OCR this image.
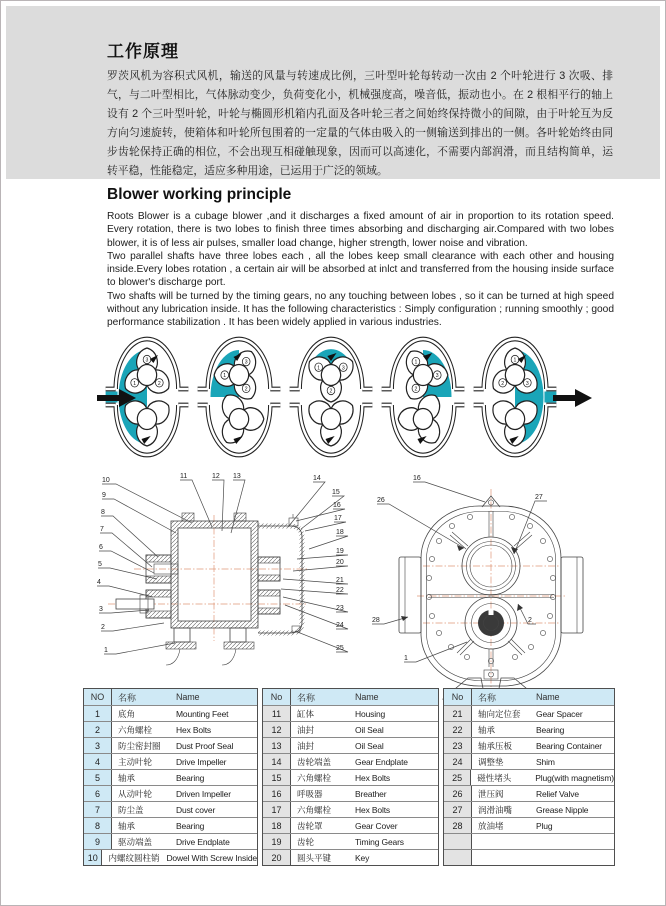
工作原理
罗茨风机为容积式风机，输送的风量与转速成比例，三叶型叶轮每转动一次由 2 个叶轮进行 3 次吸、排气，与二叶型相比，气体脉动变少，负荷变化小，机械强度高，噪音低，振动也小。在 2 根相平行的轴上设有 2 个三叶型叶轮，叶轮与椭圆形机箱内孔面及各叶轮三者之间始终保持微小的间隙，由于叶轮互为反方向匀速旋转，使箱体和叶轮所包围着的一定量的气体由吸入的一侧输送到排出的一侧。各叶轮始终由同步齿轮保持正确的相位，不会出现互相碰触现象，因而可以高速化，不需要内部润滑，而且结构简单，运转平稳，性能稳定，适应多种用途，已运用于广泛的领域。
Blower working principle

Roots Blower is a cubage blower ,and it discharges a fixed amount of air in proportion to its rotation speed. Every rotation, there is two lobes to finish three times absorbing and discharging air.Compared with two lobes blower, it is of less air pulses, smaller load change, higher strength, lower noise and vibration.

Two parallel shafts have three lobes each , all the lobes keep small clearance with each other and housing inside.Every lobes rotation , a certain air will be absorbed at inlct and transferred from the housing inside surface to blower's discharge port.

Two shafts will be turned by the timing gears, no any touching between lobes , so it can be turned at high speed without any lubrication inside. It has the following characteristics : Simply configuration ; running smoothly ; good performance stabilization . It has been widely applied in various industries.

3
1	2
3
1
2
1	3
2
1
3
2
1
2	3
10
9
8
7
6
5
4
3
2
1
11	12 13	14
15
16
17
18
19
20
21
22
23
24
25
16
26	27
28	2
1
NO	名称	Name
1	底角	Mounting Feet
2	六角螺栓	Hex Bolts
3	防尘密封圈	Dust Proof Seal
4	主动叶轮	Drive Impeller
5	轴承	Bearing
6	从动叶轮	Driven Impeller
7	防尘盖	Dust cover
8	轴承	Bearing
9	驱动端盖	Drive Endplate
10	内螺纹圆柱销 Dowel With Screw Inside
No	名称	Name
11	缸体	Housing
12	油封	Oil Seal
13	油封	Oil Seal
14	齿轮端盖	Gear Endplate
15	六角螺栓	Hex Bolts
16	呼吸器	Breather
17	六角螺栓	Hex Bolts
18	齿轮罩	Gear Cover
19	齿轮	Timing Gears
20	圆头平键	Key
No	名称	Name
21	轴向定位套	Gear Spacer
22	轴承	Bearing
23	轴承压板	Bearing Container
24	调整垫	Shim
25	磁性堵头	Plug(with magnetism)
26	泄压阀	Relief Valve
27	润滑油嘴	Grease Nipple
28	放油堵	Plug
